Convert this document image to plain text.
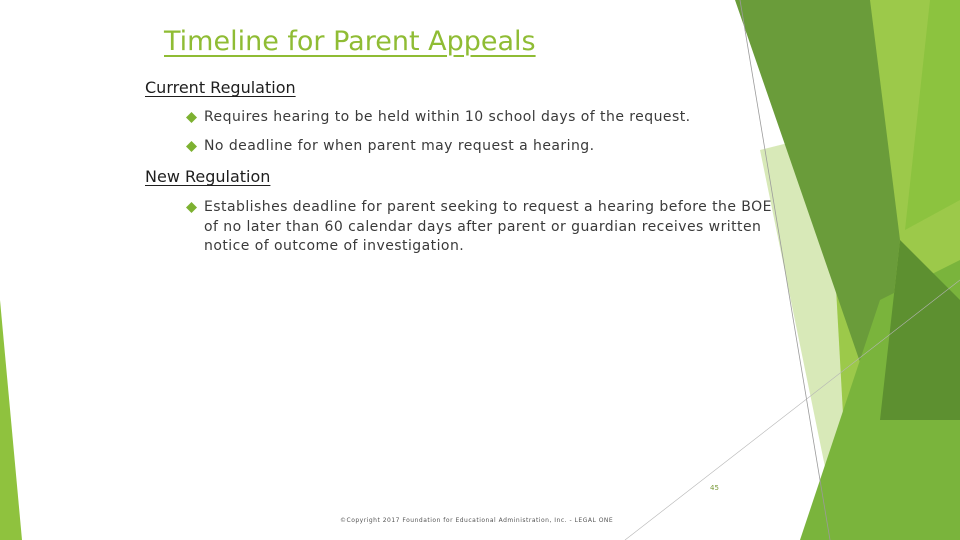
Timeline for Parent Appeals
Current Regulation
Requires hearing to be held within 10 school days of the request.
No deadline for when parent may request a hearing.
New Regulation
Establishes deadline for parent seeking to request a hearing before the BOE of no later than 60 calendar days after parent or guardian receives written notice of outcome of investigation.
45
©Copyright 2017 Foundation for Educational Administration, Inc. - LEGAL ONE
